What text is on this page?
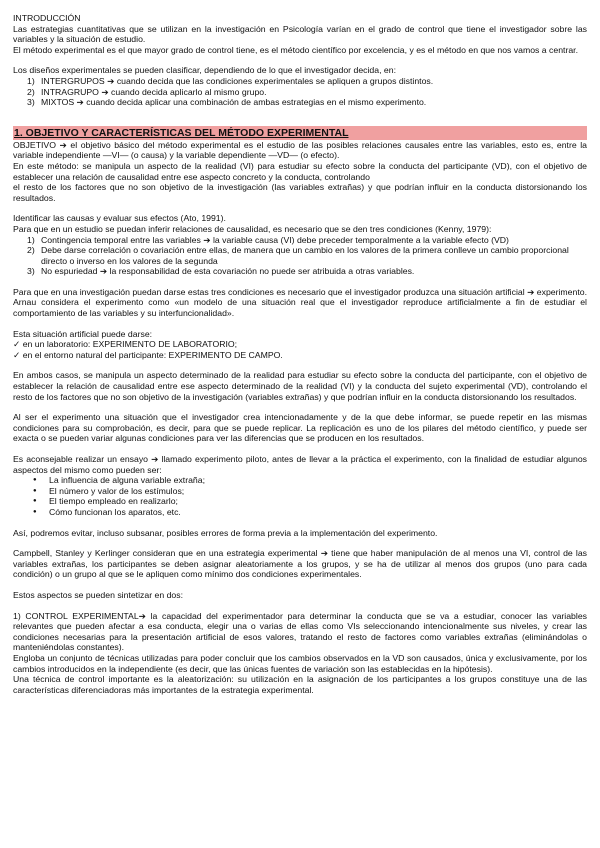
INTRODUCCIÓN

Las estrategias cuantitativas que se utilizan en la investigación en Psicología varían en el grado de control que tiene el investigador sobre las variables y la situación de estudio.

El método experimental es el que mayor grado de control tiene, es el método científico por excelencia, y es el método en que nos vamos a centrar.

Los diseños experimentales se pueden clasificar, dependiendo de lo que el investigador decida, en:

1) INTERGRUPOS ➔ cuando decida que las condiciones experimentales se apliquen a grupos distintos.
2) INTRAGRUPO ➔ cuando decida aplicarlo al mismo grupo.
3) MIXTOS ➔ cuando decida aplicar una combinación de ambas estrategias en el mismo experimento.
1. OBJETIVO Y CARACTERÍSTICAS DEL MÉTODO EXPERIMENTAL

OBJETIVO ➔ el objetivo básico del método experimental es el estudio de las posibles relaciones causales entre las variables, esto es, entre la variable independiente —VI— (o causa) y la variable dependiente —VD— (o efecto).

En este método: se manipula un aspecto de la realidad (VI) para estudiar su efecto sobre la conducta del participante (VD), con el objetivo de establecer una relación de causalidad entre ese aspecto concreto y la conducta, controlando

el resto de los factores que no son objetivo de la investigación (las variables extrañas) y que podrían influir en la conducta distorsionando los resultados.

Identificar las causas y evaluar sus efectos (Ato, 1991).

Para que en un estudio se puedan inferir relaciones de causalidad, es necesario que se den tres condiciones (Kenny, 1979):

1) Contingencia temporal entre las variables ➔ la variable causa (VI) debe preceder temporalmente a la variable efecto (VD)
2) Debe darse correlación o covariación entre ellas, de manera que un cambio en los valores de la primera conlleve un cambio proporcional directo o inverso en los valores de la segunda
3) No espuriedad ➔ la responsabilidad de esta covariación no puede ser atribuida a otras variables.

Para que en una investigación puedan darse estas tres condiciones es necesario que el investigador produzca una situación artificial ➔ experimento. Arnau considera el experimento como «un modelo de una situación real que el investigador reproduce artificialmente a fin de estudiar el comportamiento de las variables y su interfuncionalidad».

Esta situación artificial puede darse:

✓ en un laboratorio: EXPERIMENTO DE LABORATORIO;
✓ en el entorno natural del participante: EXPERIMENTO DE CAMPO.

En ambos casos, se manipula un aspecto determinado de la realidad para estudiar su efecto sobre la conducta del participante, con el objetivo de establecer la relación de causalidad entre ese aspecto determinado de la realidad (VI) y la conducta del sujeto experimental (VD), controlando el resto de los factores que no son objetivo de la investigación (variables extrañas) y que podrían influir en la conducta distorsionando los resultados.

Al ser el experimento una situación que el investigador crea intencionadamente y de la que debe informar, se puede repetir en las mismas condiciones para su comprobación, es decir, para que se puede replicar. La replicación es uno de los pilares del método científico, y puede ser exacta o se pueden variar algunas condiciones para ver las diferencias que se producen en los resultados.

Es aconsejable realizar un ensayo ➔ llamado experimento piloto, antes de llevar a la práctica el experimento, con la finalidad de estudiar algunos aspectos del mismo como pueden ser:

● La influencia de alguna variable extraña;
● El número y valor de los estímulos;
● El tiempo empleado en realizarlo;
● Cómo funcionan los aparatos, etc.

Así, podremos evitar, incluso subsanar, posibles errores de forma previa a la implementación del experimento.

Campbell, Stanley y Kerlinger consideran que en una estrategia experimental ➔ tiene que haber manipulación de al menos una VI, control de las variables extrañas, los participantes se deben asignar aleatoriamente a los grupos, y se ha de utilizar al menos dos grupos (uno para cada condición) o un grupo al que se le apliquen como mínimo dos condiciones experimentales.

Estos aspectos se pueden sintetizar en dos:

1) CONTROL EXPERIMENTAL➔ la capacidad del experimentador para determinar la conducta que se va a estudiar, conocer las variables relevantes que pueden afectar a esa conducta, elegir una o varias de ellas como VIs seleccionando intencionalmente sus niveles, y crear las condiciones necesarias para la presentación artificial de esos valores, tratando el resto de factores como variables extrañas (eliminándolas o manteniéndolas constantes).

Engloba un conjunto de técnicas utilizadas para poder concluir que los cambios observados en la VD son causados, única y exclusivamente, por los cambios introducidos en la independiente (es decir, que las únicas fuentes de variación son las establecidas en la hipótesis).

Una técnica de control importante es la aleatorización: su utilización en la asignación de los participantes a los grupos constituye una de las características diferenciadoras más importantes de la estrategia experimental.
